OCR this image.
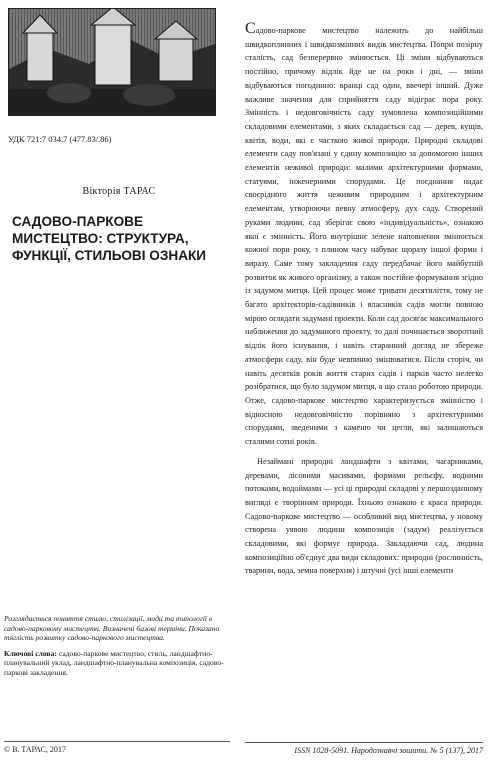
УДК 721:7 034.7 (477.83/.86)
Вікторія ТАРАС
САДОВО-ПАРКОВЕ МИСТЕЦТВО: СТРУКТУРА, ФУНКЦІЇ, СТИЛЬОВІ ОЗНАКИ
Розглядається поняття стилю, стилізації, моди та типології в садово-парковому мистецтві. Визначені базові терміни. Показано тяглість розвитку садово-паркового мистецтва.
Ключові слова: садово-паркове мистецтво, стиль, ландшафтно-планувальний уклад, ландшафтно-планувальна композиція, садово-паркові закладення.
© В. ТАРАС, 2017

Садово-паркове мистецтво належить до найбільш швидкоплинних і швидкозмінних видів мистецтва. Попри позірну сталість, сад безперервно змінюється. Ці зміни відбуваються постійно, причому відлік йде не на роки і дні, — зміни відбуваються погодинно: вранці сад один, ввечері інший. Дуже важливе значення для сприйняття саду відіграє пора року. Змінність і недовговічність саду зумовлена композиційними складовими елементами, з яких складається сад — дерев, кущів, квітів, води, які є часткою живої природи. Природні складові елементи саду пов'язані у єдину композицію за допомогою інших елементів неживої природи: малими архітектурними формами, статуями, інженерними спорудами. Це поєднання надає своєрідного життя неживим природним і архітектурним елементам, утворюючи певну атмосферу, дух саду. Створений руками людини, сад зберігає свою «індивідуальність», ознакою якої є змінність. Його внутрішнє зелене наповнення змінюється кожної пори року, з плином часу набуває щоразу іншої форми і виразу. Саме тому закладення саду передбачає його майбутній розвиток як живого організму, а також постійне формування згідно із задумом митця. Цей процес може тривати десятиліття, тому не багато архітекторів-садівників і власників садів могли повною мірою оглядати задумані проекти. Коли сад досягає максимального наближення до задуманого проекту, то далі починається зворотний відлік його існування, і навіть старанний догляд не збереже атмосфери саду, він буде невпинно змінюватися. Після сторіч, чи навіть десятків років життя старих садів і парків часто нелегко розібратися, що було задумом митця, а що стало роботою природи. Отже, садово-паркове мистецтво характеризується змінністю і відносною недовговічністю порівняно з архітектурними спорудами, зведеними з каменю чи цегли, які залишаються сталими сотні років.

Незаймані природні ландшафти з квітами, чагарниками, деревами, лісовими масивами, формами рельєфу, водними потоками, водоймами — усі ці природні складові у першозданному вигляді є творінням природи. Їхньою ознакою є краса природи. Садово-паркове мистецтво — особливий вид мистецтва, у новому створена уявою людини композиція (задум) реалізується складовими, які формує природа. Закладаючи сад, людина композиційно об'єднує два види складових: природні (рослинність, тварини, вода, земна поверхня) і штучні (усі інші елементи

ISSN 1028-5091. Народознавчі зошити. № 5 (137), 2017
